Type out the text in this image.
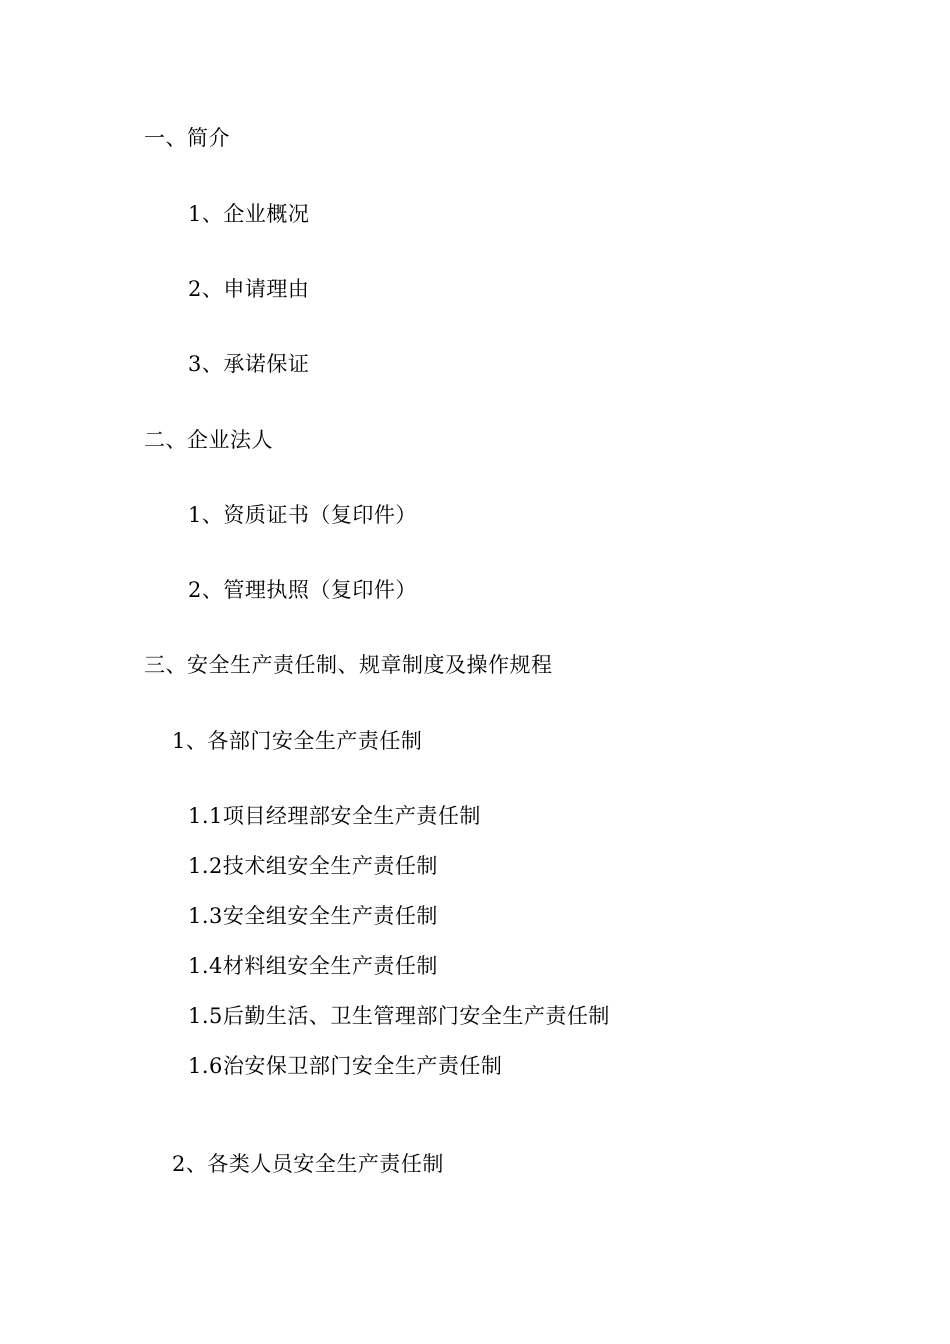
一、简介
1、企业概况
2、申请理由
3、承诺保证
二、企业法人
1、资质证书（复印件）
2、管理执照（复印件）
三、安全生产责任制、规章制度及操作规程
1、各部门安全生产责任制
1.1项目经理部安全生产责任制
1.2技术组安全生产责任制
1.3安全组安全生产责任制
1.4材料组安全生产责任制
1.5后勤生活、卫生管理部门安全生产责任制
1.6治安保卫部门安全生产责任制
2、各类人员安全生产责任制
